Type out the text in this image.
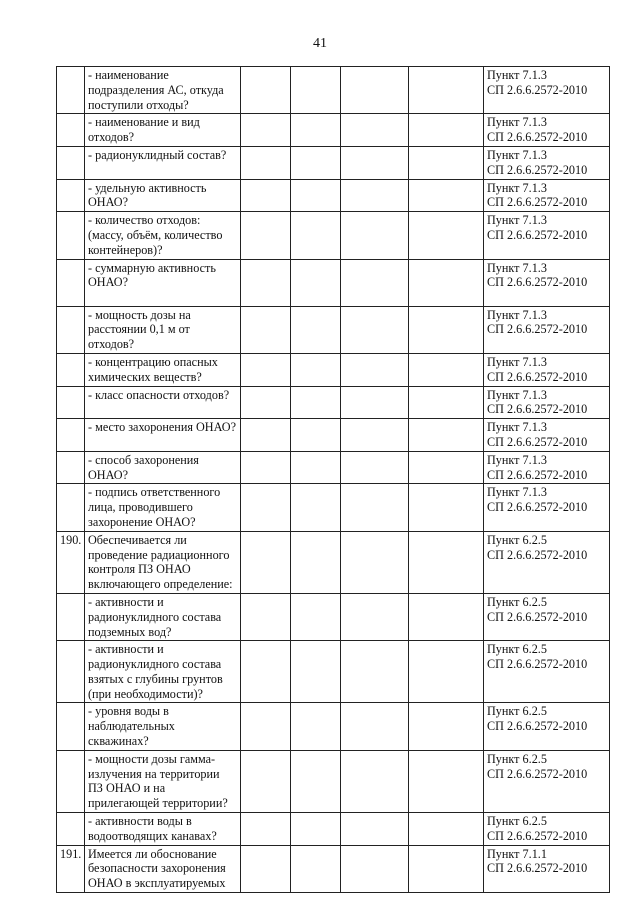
41
	- наименование подразделения АС, откуда поступили отходы?					Пункт 7.1.3
СП 2.6.6.2572-2010

	- наименование и вид отходов?					Пункт 7.1.3
СП 2.6.6.2572-2010

	- радионуклидный состав?					Пункт 7.1.3
СП 2.6.6.2572-2010

	- удельную активность ОНАО?					Пункт 7.1.3
СП 2.6.6.2572-2010

	- количество отходов: (массу, объём, количество контейнеров)?					Пункт 7.1.3
СП 2.6.6.2572-2010

	- суммарную активность ОНАО?					Пункт 7.1.3
СП 2.6.6.2572-2010

	- мощность дозы на расстоянии 0,1 м от отходов?					Пункт 7.1.3
СП 2.6.6.2572-2010

	- концентрацию опасных химических веществ?					Пункт 7.1.3
СП 2.6.6.2572-2010

	- класс опасности отходов?					Пункт 7.1.3
СП 2.6.6.2572-2010

	- место захоронения ОНАО?					Пункт 7.1.3
СП 2.6.6.2572-2010

	- способ захоронения ОНАО?					Пункт 7.1.3
СП 2.6.6.2572-2010

	- подпись ответственного лица, проводившего захоронение ОНАО?					Пункт 7.1.3
СП 2.6.6.2572-2010

190.	Обеспечивается ли проведение радиационного контроля ПЗ ОНАО включающего определение:					Пункт 6.2.5
СП 2.6.6.2572-2010

	- активности и радионуклидного состава подземных вод?					Пункт 6.2.5
СП 2.6.6.2572-2010

	- активности и радионуклидного состава взятых с глубины грунтов (при необходимости)?					Пункт 6.2.5
СП 2.6.6.2572-2010

	- уровня воды в наблюдательных скважинах?					Пункт 6.2.5
СП 2.6.6.2572-2010

	- мощности дозы гамма-излучения на территории ПЗ ОНАО и на прилегающей территории?					Пункт 6.2.5
СП 2.6.6.2572-2010

	- активности воды в водоотводящих канавах?					Пункт 6.2.5
СП 2.6.6.2572-2010

191.	Имеется ли обоснование безопасности захоронения ОНАО в эксплуатируемых					Пункт 7.1.1
СП 2.6.6.2572-2010
